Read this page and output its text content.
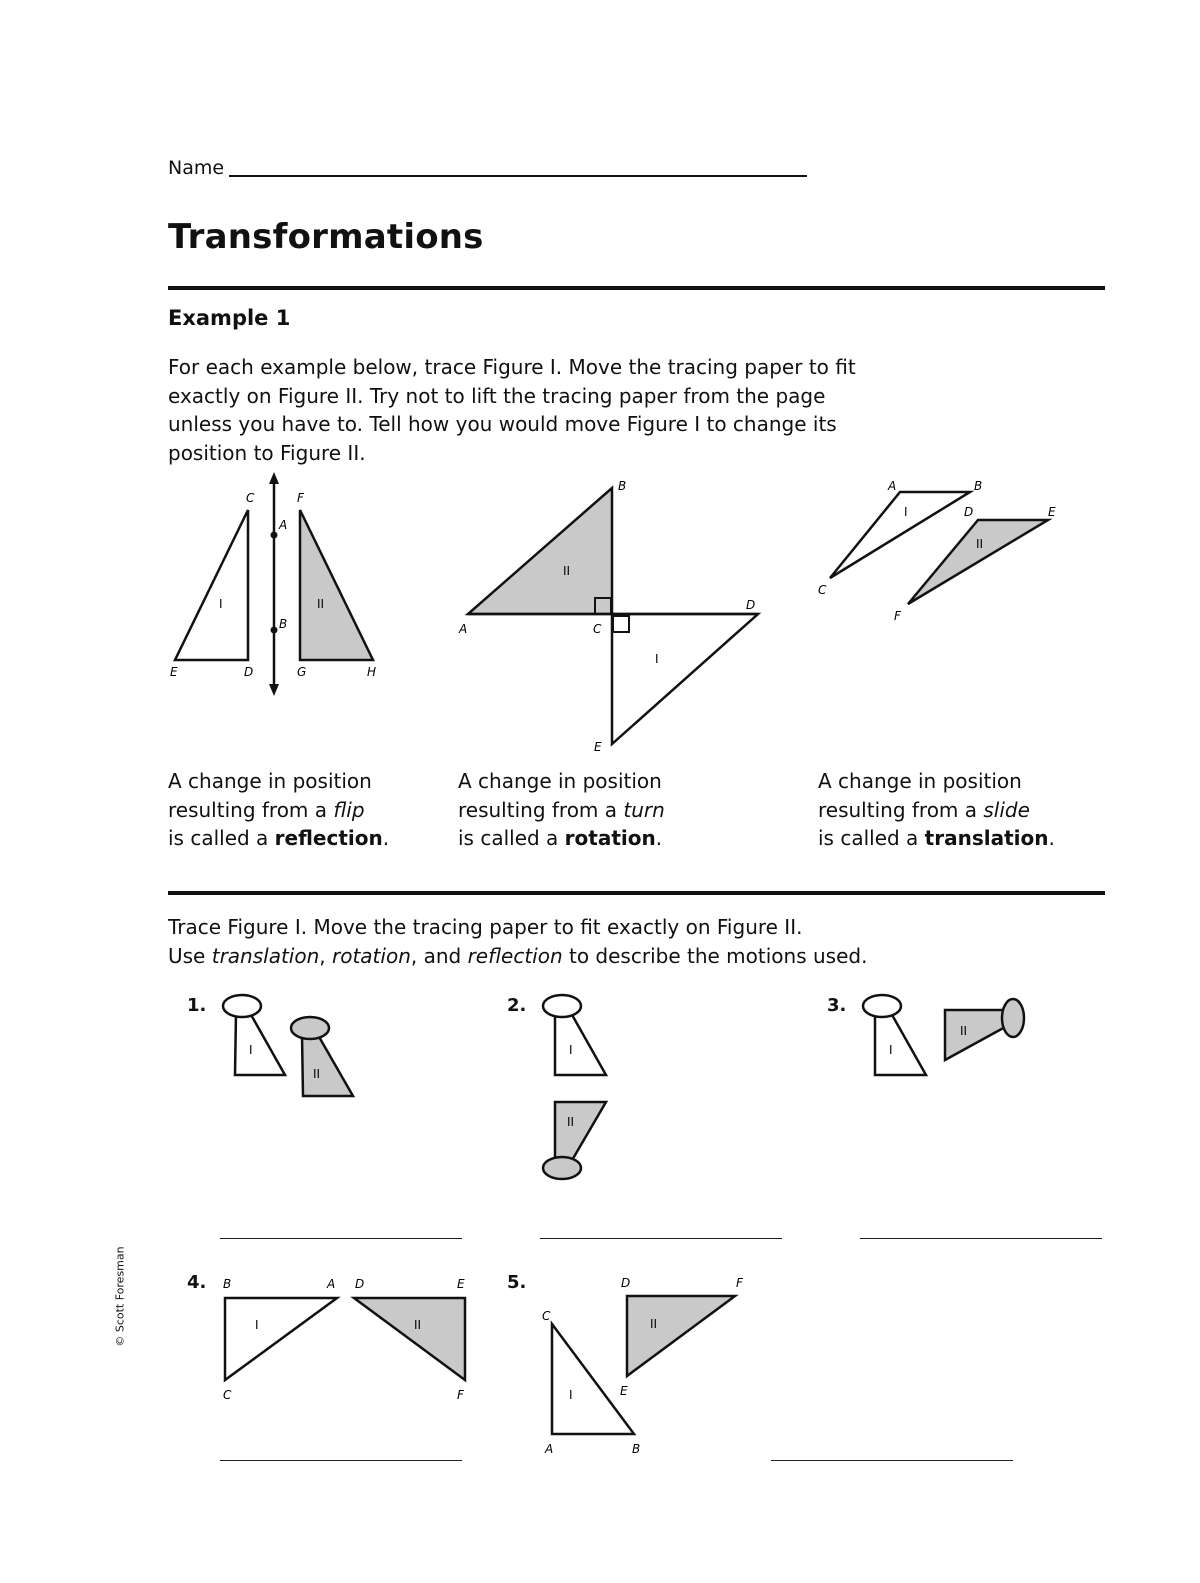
Name
Transformations
Example 1
For each example below, trace Figure I. Move the tracing paper to fit
exactly on Figure II. Try not to lift the tracing paper from the page
unless you have to. Tell how you would move Figure I to change its
position to Figure II.
C	F
A
B
E	D	G	H
I	II
B
A	C
D
E
II
I
A	B
D	E
C
F
I
II
A change in position
resulting from a flip
is called a reflection.
A change in position
resulting from a turn
is called a rotation.
A change in position
resulting from a slide
is called a translation.
Trace Figure I. Move the tracing paper to fit exactly on Figure II.
Use translation, rotation, and reflection to describe the motions used.
1.	2.	3.
4.	5.
I
II
I
II
I
II
B	A D	E
C	F
I	II
C
D	F
E
A	B
I
II
© Scott Foresman
